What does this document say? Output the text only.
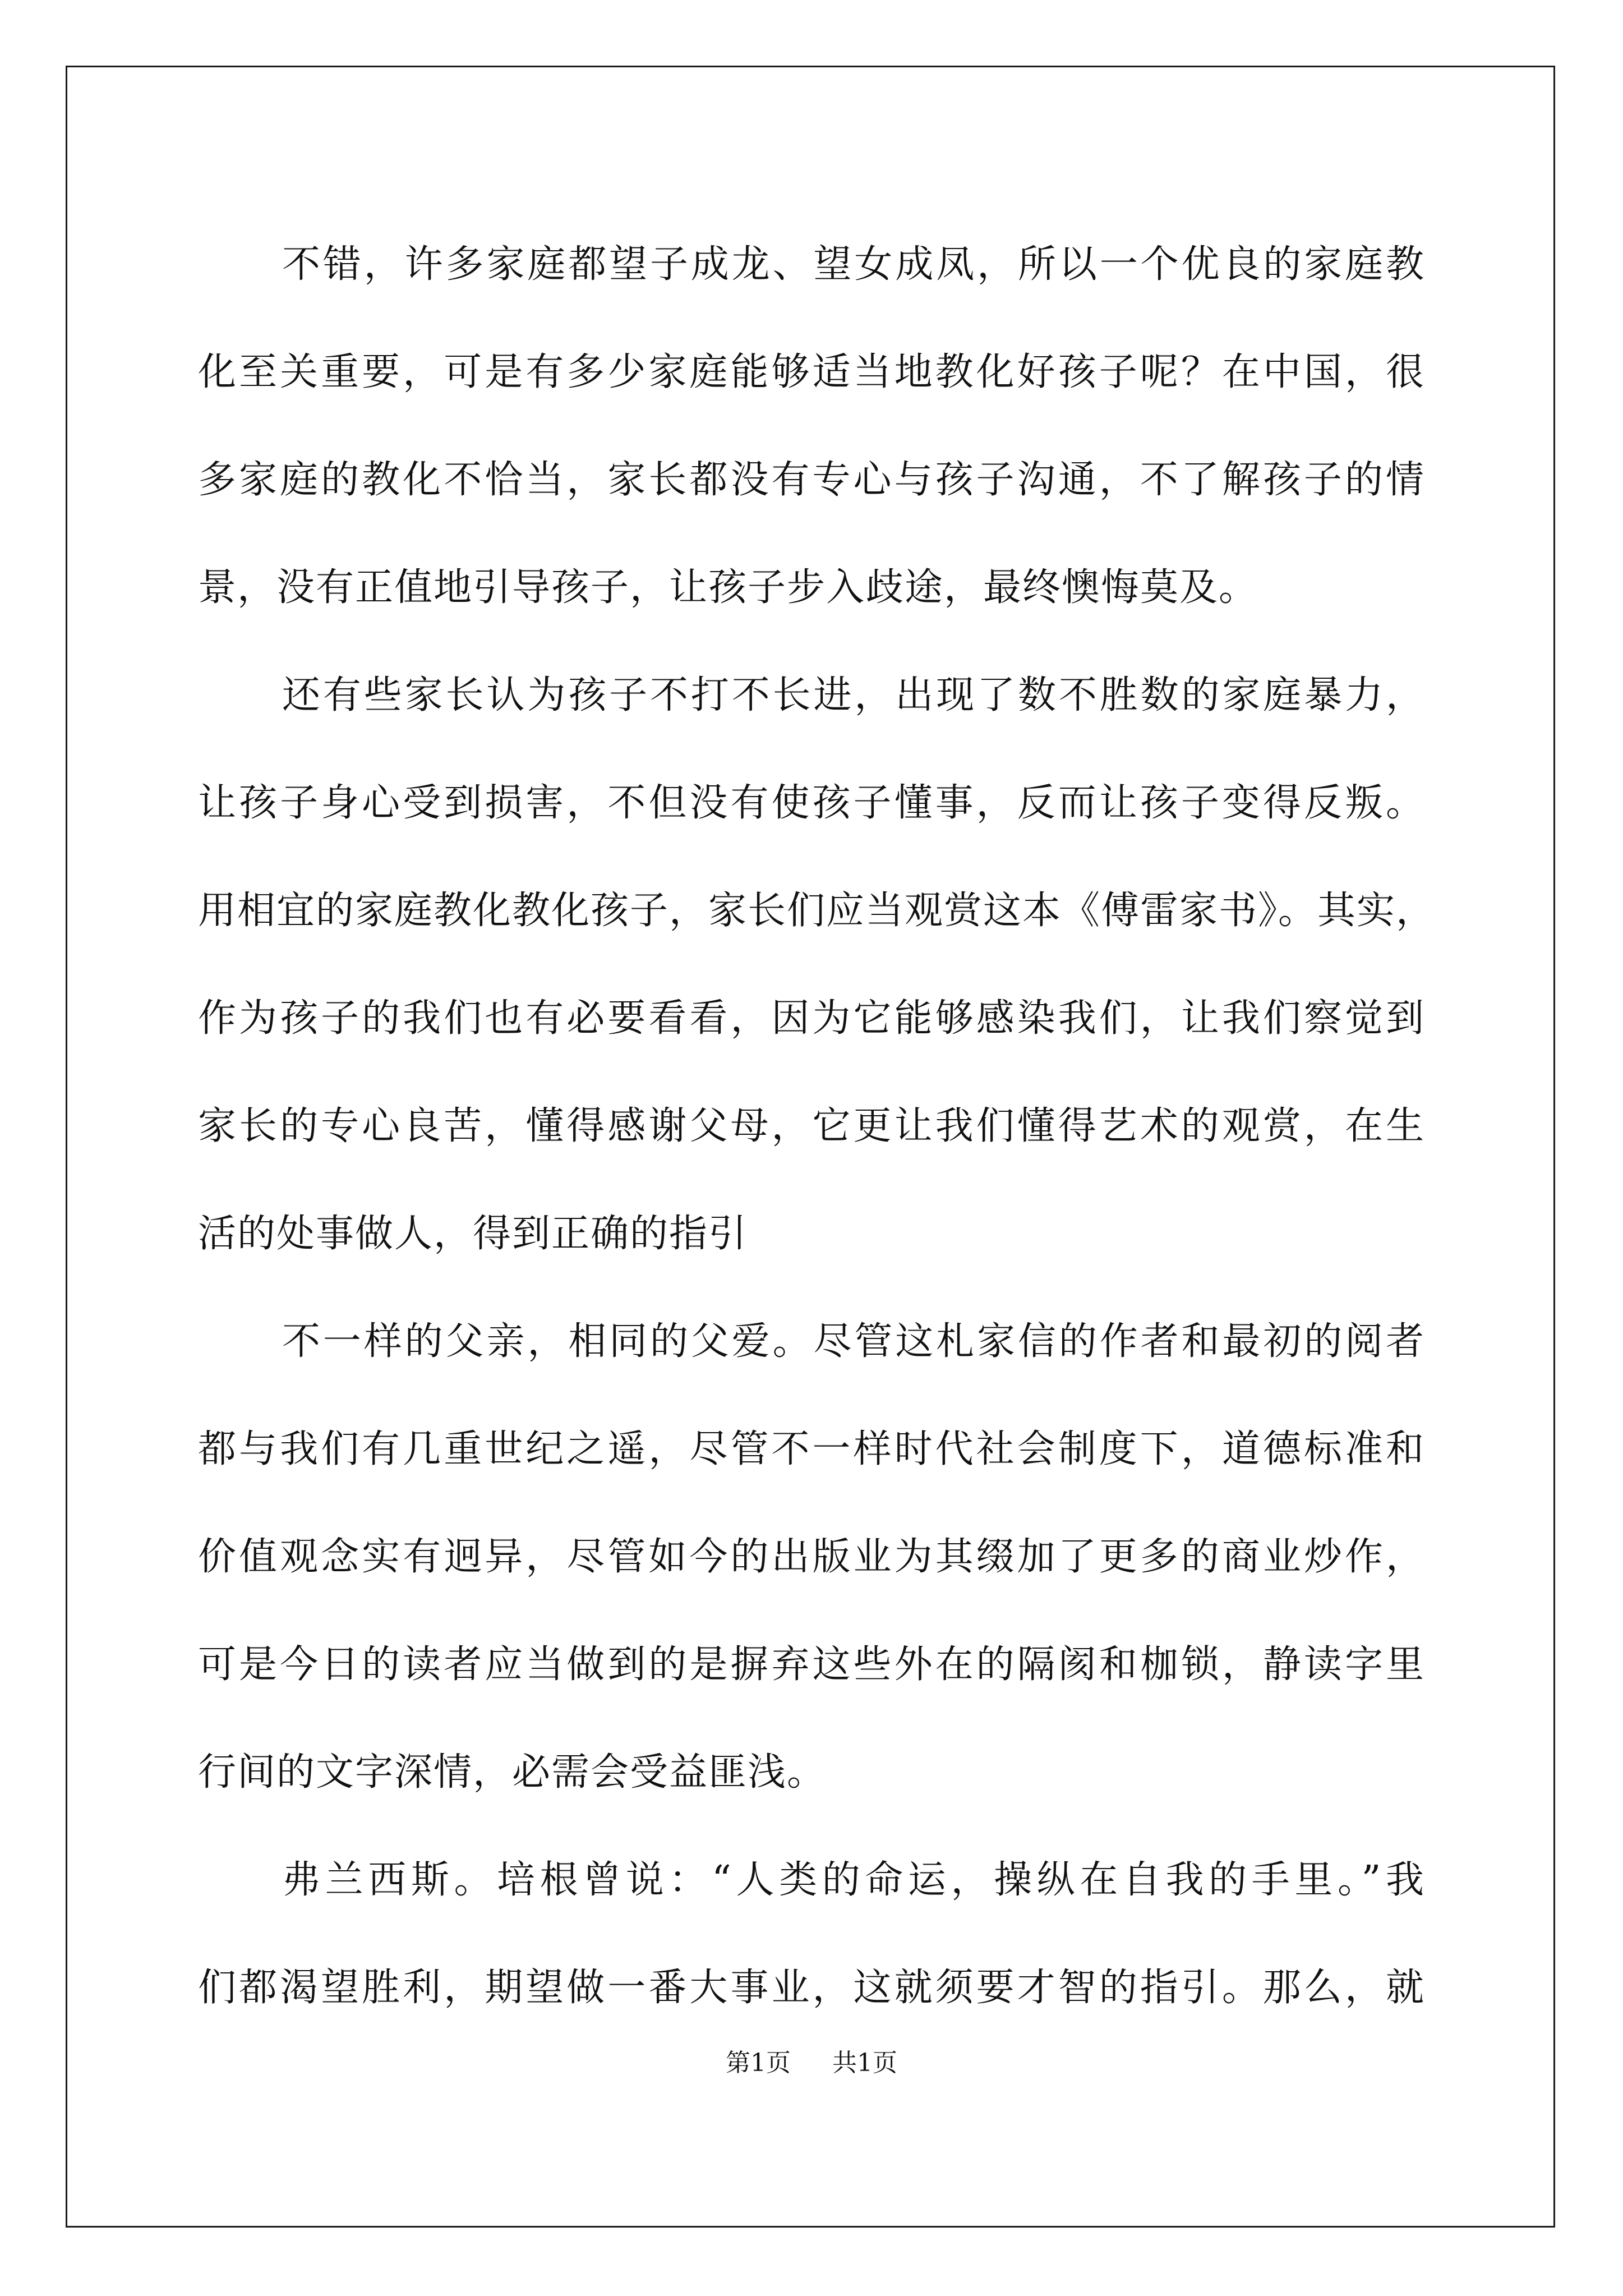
不错，许多家庭都望子成龙、望女成凤，所以一个优良的家庭教
化至关重要，可是有多少家庭能够适当地教化好孩子呢？在中国，很
多家庭的教化不恰当，家长都没有专心与孩子沟通，不了解孩子的情
景，没有正值地引导孩子，让孩子步入歧途，最终懊悔莫及。
还有些家长认为孩子不打不长进，出现了数不胜数的家庭暴力，
让孩子身心受到损害，不但没有使孩子懂事，反而让孩子变得反叛。
用相宜的家庭教化教化孩子，家长们应当观赏这本《傅雷家书》。其实，
作为孩子的我们也有必要看看，因为它能够感染我们，让我们察觉到
家长的专心良苦，懂得感谢父母，它更让我们懂得艺术的观赏，在生
活的处事做人，得到正确的指引
不一样的父亲，相同的父爱。尽管这札家信的作者和最初的阅者
都与我们有几重世纪之遥，尽管不一样时代社会制度下，道德标准和
价值观念实有迥异，尽管如今的出版业为其缀加了更多的商业炒作，
可是今日的读者应当做到的是摒弃这些外在的隔阂和枷锁，静读字里
行间的文字深情，必需会受益匪浅。
弗兰西斯。培根曾说：“人类的命运，操纵在自我的手里。”我
们都渴望胜利，期望做一番大事业，这就须要才智的指引。那么，就
第1页 共1页
